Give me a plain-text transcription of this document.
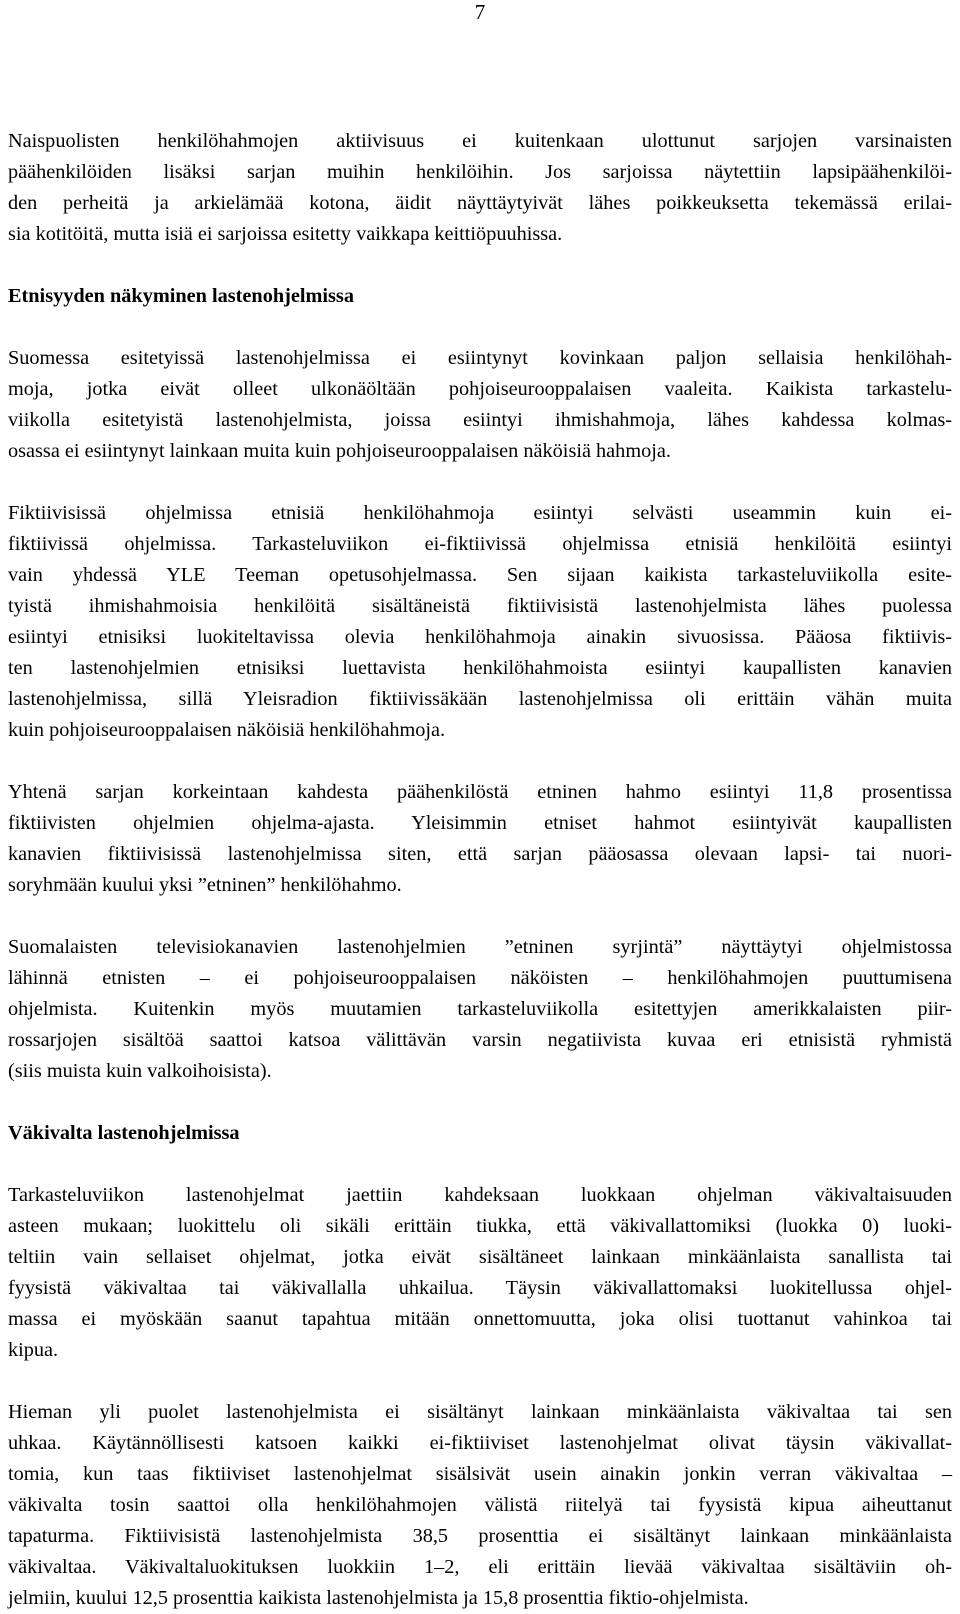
7
Naispuolisten henkilöhahmojen aktiivisuus ei kuitenkaan ulottunut sarjojen varsinaisten
päähenkilöiden lisäksi sarjan muihin henkilöihin. Jos sarjoissa näytettiin lapsipäähenkilöi-
den perheitä ja arkielämää kotona, äidit näyttäytyivät lähes poikkeuksetta tekemässä erilai-
sia kotitöitä, mutta isiä ei sarjoissa esitetty vaikkapa keittiöpuuhissa.
Etnisyyden näkyminen lastenohjelmissa
Suomessa esitetyissä lastenohjelmissa ei esiintynyt kovinkaan paljon sellaisia henkilöhah-
moja, jotka eivät olleet ulkonäöltään pohjoiseurooppalaisen vaaleita. Kaikista tarkastelu-
viikolla esitetyistä lastenohjelmista, joissa esiintyi ihmishahmoja, lähes kahdessa kolmas-
osassa ei esiintynyt lainkaan muita kuin pohjoiseurooppalaisen näköisiä hahmoja.
Fiktiivisissä ohjelmissa etnisiä henkilöhahmoja esiintyi selvästi useammin kuin ei-
fiktiivissä ohjelmissa. Tarkasteluviikon ei-fiktiivissä ohjelmissa etnisiä henkilöitä esiintyi
vain yhdessä YLE Teeman opetusohjelmassa. Sen sijaan kaikista tarkasteluviikolla esite-
tyistä ihmishahmoisia henkilöitä sisältäneistä fiktiivisistä lastenohjelmista lähes puolessa
esiintyi etnisiksi luokiteltavissa olevia henkilöhahmoja ainakin sivuosissa. Pääosa fiktiivis-
ten lastenohjelmien etnisiksi luettavista henkilöhahmoista esiintyi kaupallisten kanavien
lastenohjelmissa, sillä Yleisradion fiktiivissäkään lastenohjelmissa oli erittäin vähän muita
kuin pohjoiseurooppalaisen näköisiä henkilöhahmoja.
Yhtenä sarjan korkeintaan kahdesta päähenkilöstä etninen hahmo esiintyi 11,8 prosentissa
fiktiivisten ohjelmien ohjelma-ajasta. Yleisimmin etniset hahmot esiintyivät kaupallisten
kanavien fiktiivisissä lastenohjelmissa siten, että sarjan pääosassa olevaan lapsi- tai nuori-
soryhmään kuului yksi ”etninen” henkilöhahmo.
Suomalaisten televisiokanavien lastenohjelmien ”etninen syrjintä” näyttäytyi ohjelmistossa
lähinnä etnisten – ei pohjoiseurooppalaisen näköisten – henkilöhahmojen puuttumisena
ohjelmista. Kuitenkin myös muutamien tarkasteluviikolla esitettyjen amerikkalaisten piir-
rossarjojen sisältöä saattoi katsoa välittävän varsin negatiivista kuvaa eri etnisistä ryhmistä
(siis muista kuin valkoihoisista).
Väkivalta lastenohjelmissa
Tarkasteluviikon lastenohjelmat jaettiin kahdeksaan luokkaan ohjelman väkivaltaisuuden
asteen mukaan; luokittelu oli sikäli erittäin tiukka, että väkivallattomiksi (luokka 0) luoki-
teltiin vain sellaiset ohjelmat, jotka eivät sisältäneet lainkaan minkäänlaista sanallista tai
fyysistä väkivaltaa tai väkivallalla uhkailua. Täysin väkivallattomaksi luokitellussa ohjel-
massa ei myöskään saanut tapahtua mitään onnettomuutta, joka olisi tuottanut vahinkoa tai
kipua.
Hieman yli puolet lastenohjelmista ei sisältänyt lainkaan minkäänlaista väkivaltaa tai sen
uhkaa. Käytännöllisesti katsoen kaikki ei-fiktiiviset lastenohjelmat olivat täysin väkivallat-
tomia, kun taas fiktiiviset lastenohjelmat sisälsivät usein ainakin jonkin verran väkivaltaa –
väkivalta tosin saattoi olla henkilöhahmojen välistä riitelyä tai fyysistä kipua aiheuttanut
tapaturma. Fiktiivisistä lastenohjelmista 38,5 prosenttia ei sisältänyt lainkaan minkäänlaista
väkivaltaa. Väkivaltaluokituksen luokkiin 1–2, eli erittäin lievää väkivaltaa sisältäviin oh-
jelmiin, kuului 12,5 prosenttia kaikista lastenohjelmista ja 15,8 prosenttia fiktio-ohjelmista.
